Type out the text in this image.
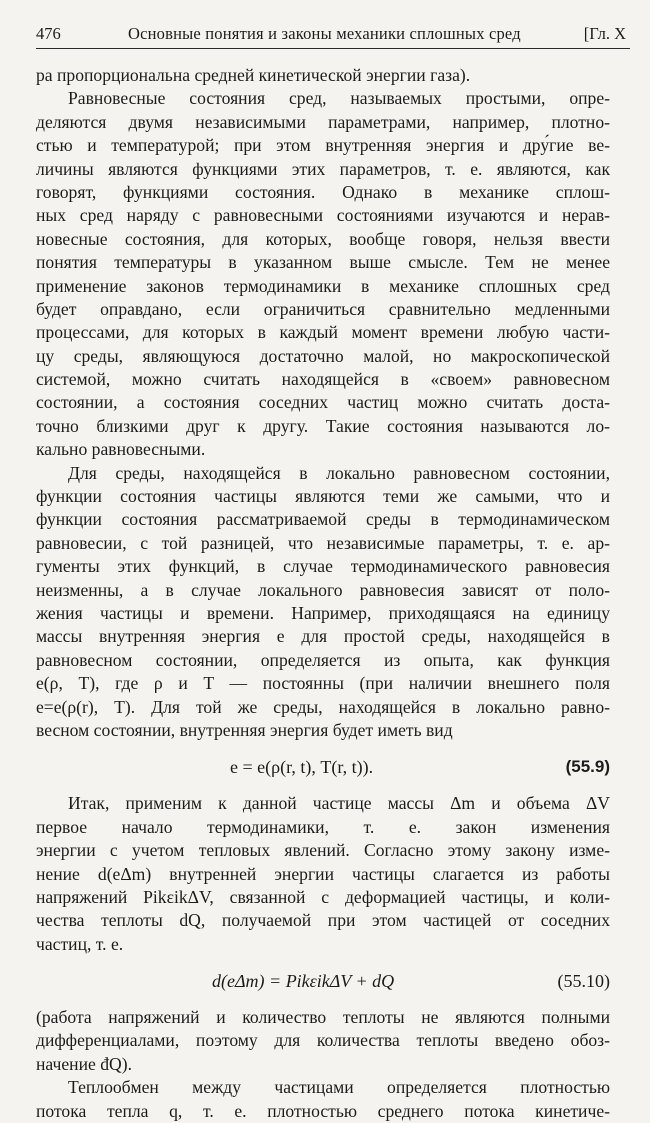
476	Основные понятия и законы механики сплошных сред	[Гл. X
ра пропорциональна средней кинетической энергии газа).
Равновесные состояния сред, называемых простыми, опре-
деляются двумя независимыми параметрами, например, плотно-
стью и температурой; при этом внутренняя энергия и дру́гие ве-
личины являются функциями этих параметров, т. е. являются, как
говорят, функциями состояния. Однако в механике сплош-
ных сред наряду с равновесными состояниями изучаются и нерав-
новесные состояния, для которых, вообще говоря, нельзя ввести
понятия температуры в указанном выше смысле. Тем не менее
применение законов термодинамики в механике сплошных сред
будет оправдано, если ограничиться сравнительно медленными
процессами, для которых в каждый момент времени любую части-
цу среды, являющуюся достаточно малой, но макроскопической
системой, можно считать находящейся в «своем» равновесном
состоянии, а состояния соседних частиц можно считать доста-
точно близкими друг к другу. Такие состояния называются ло-
кально равновесными.
Для среды, находящейся в локально равновесном состоянии,
функции состояния частицы являются теми же самыми, что и
функции состояния рассматриваемой среды в термодинамическом
равновесии, с той разницей, что независимые параметры, т. е. ар-
гументы этих функций, в случае термодинамического равновесия
неизменны, а в случае локального равновесия зависят от поло-
жения частицы и времени. Например, приходящаяся на единицу
массы внутренняя энергия e для простой среды, находящейся в
равновесном состоянии, определяется из опыта, как функция
e(ρ, T), где ρ и T — постоянны (при наличии внешнего поля
e=e(ρ(r), T). Для той же среды, находящейся в локально равно-
весном состоянии, внутренняя энергия будет иметь вид
e = e(ρ(r, t), T(r, t)).	(55.9)
Итак, применим к данной частице массы Δm и объема ΔV
первое начало термодинамики, т. е. закон изменения
энергии с учетом тепловых явлений. Согласно этому закону изме-
нение d(eΔm) внутренней энергии частицы слагается из работы
напряжений PikεikΔV, связанной с деформацией частицы, и коли-
чества теплоты dQ, получаемой при этом частицей от соседних
частиц, т. е.
d(eΔm) = PikεikΔV + dQ	(55.10)
(работа напряжений и количество теплоты не являются полными
дифференциалами, поэтому для количества теплоты введено обоз-
начение đQ).
Теплообмен между частицами определяется плотностью
потока тепла q, т. е. плотностью среднего потока кинетиче-
